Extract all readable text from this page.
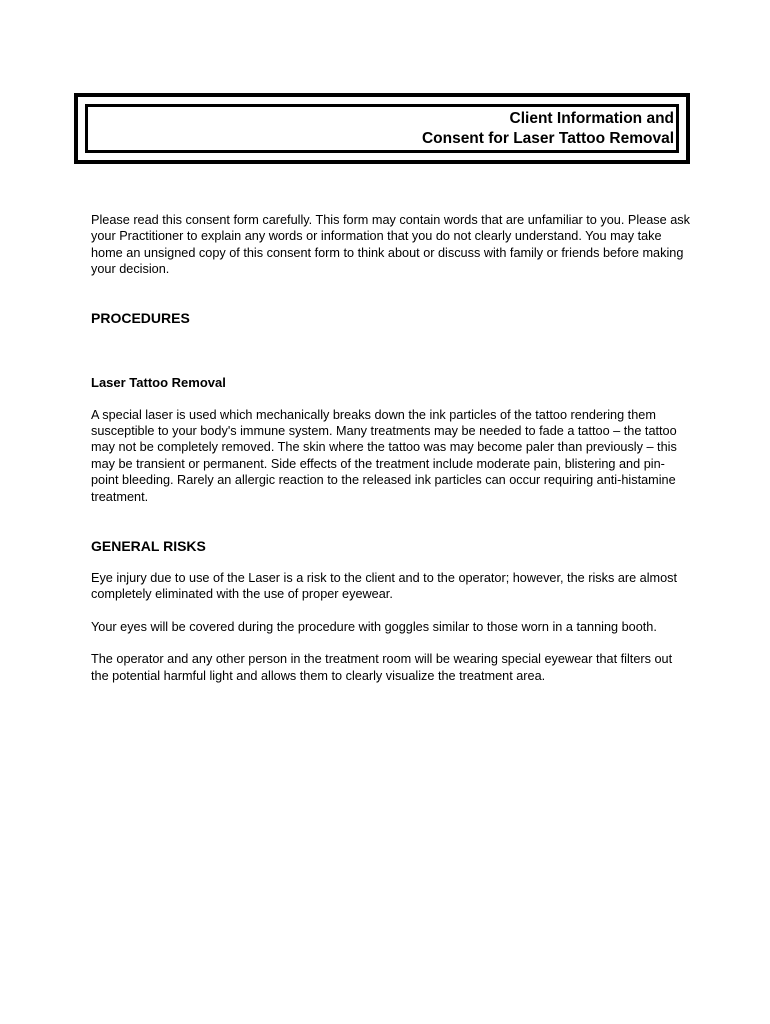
Client Information and
Consent for Laser Tattoo Removal

Please read this consent form carefully. This form may contain words that are unfamiliar to you. Please ask your Practitioner to explain any words or information that you do not clearly understand. You may take home an unsigned copy of this consent form to think about or discuss with family or friends before making your decision.

PROCEDURES

Laser Tattoo Removal

A special laser is used which mechanically breaks down the ink particles of the tattoo rendering them susceptible to your body's immune system. Many treatments may be needed to fade a tattoo – the tattoo may not be completely removed. The skin where the tattoo was may become paler than previously – this may be transient or permanent. Side effects of the treatment include moderate pain, blistering and pin-point bleeding. Rarely an allergic reaction to the released ink particles can occur requiring anti-histamine treatment.

GENERAL RISKS

Eye injury due to use of the Laser is a risk to the client and to the operator; however, the risks are almost completely eliminated with the use of proper eyewear.

Your eyes will be covered during the procedure with goggles similar to those worn in a tanning booth.

The operator and any other person in the treatment room will be wearing special eyewear that filters out the potential harmful light and allows them to clearly visualize the treatment area.
